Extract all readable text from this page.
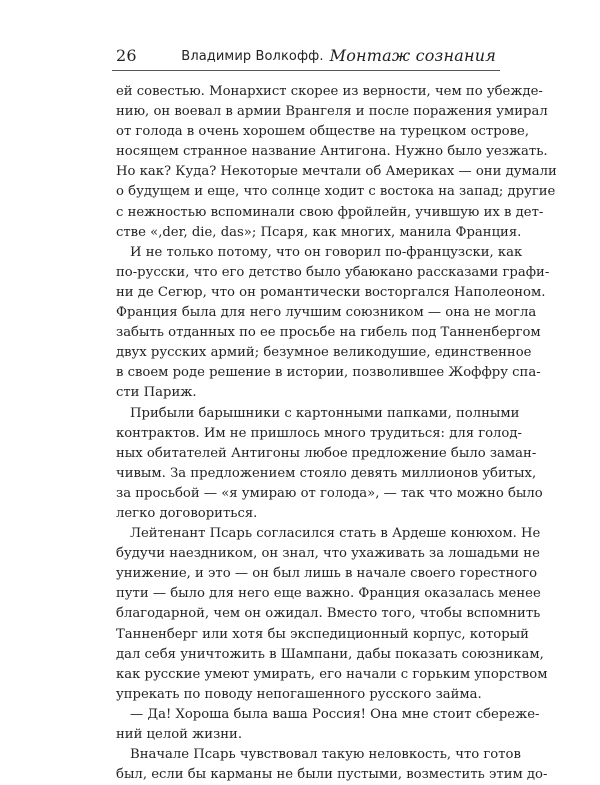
26	Владимир Волкофф. Монтаж сознания
ей совестью. Монархист скорее из верности, чем по убежде-
нию, он воевал в армии Врангеля и после поражения умирал
от голода в очень хорошем обществе на турецком острове,
носящем странное название Антигона. Нужно было уезжать.
Но как? Куда? Некоторые мечтали об Америках — они думали
о будущем и еще, что солнце ходит с востока на запад; другие
с нежностью вспоминали свою фройлейн, учившую их в дет-
стве «‚der, die, das»; Псаря, как многих, манила Франция.
И не только потому, что он говорил по-французски, как
по-русски, что его детство было убаюкано рассказами графи-
ни де Сегюр, что он романтически восторгался Наполеоном.
Франция была для него лучшим союзником — она не могла
забыть отданных по ее просьбе на гибель под Танненбергом
двух русских армий; безумное великодушие, единственное
в своем роде решение в истории, позволившее Жоффру спа-
сти Париж.
Прибыли барышники с картонными папками, полными
контрактов. Им не пришлось много трудиться: для голод-
ных обитателей Антигоны любое предложение было заман-
чивым. За предложением стояло девять миллионов убитых,
за просьбой — «я умираю от голода», — так что можно было
легко договориться.
Лейтенант Псарь согласился стать в Ардеше конюхом. Не
будучи наездником, он знал, что ухаживать за лошадьми не
унижение, и это — он был лишь в начале своего горестного
пути — было для него еще важно. Франция оказалась менее
благодарной, чем он ожидал. Вместо того, чтобы вспомнить
Танненберг или хотя бы экспедиционный корпус, который
дал себя уничтожить в Шампани, дабы показать союзникам,
как русские умеют умирать, его начали с горьким упорством
упрекать по поводу непогашенного русского займа.
— Да! Хороша была ваша Россия! Она мне стоит сбереже-
ний целой жизни.
Вначале Псарь чувствовал такую неловкость, что готов
был, если бы карманы не были пустыми, возместить этим до-
